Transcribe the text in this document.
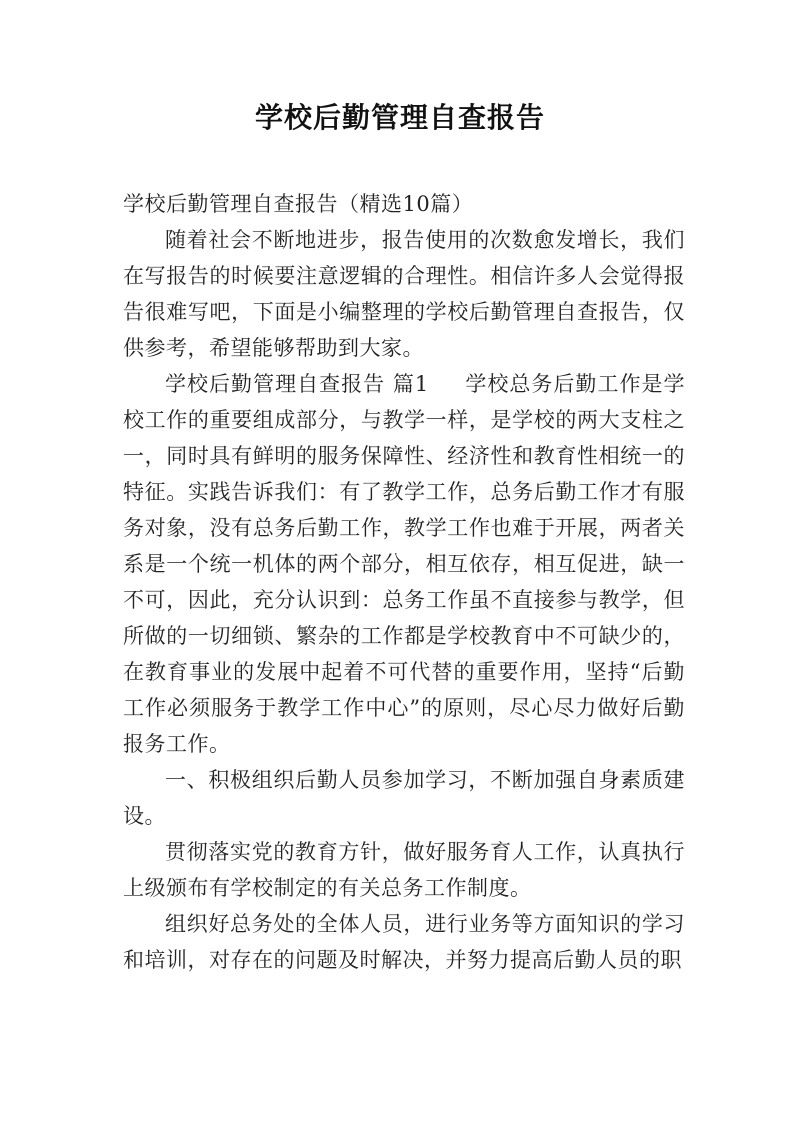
学校后勤管理自查报告

学校后勤管理自查报告（精选10篇）

随着社会不断地进步，报告使用的次数愈发增长，我们在写报告的时候要注意逻辑的合理性。相信许多人会觉得报告很难写吧，下面是小编整理的学校后勤管理自查报告，仅供参考，希望能够帮助到大家。

学校后勤管理自查报告 篇1 学校总务后勤工作是学校工作的重要组成部分，与教学一样，是学校的两大支柱之一，同时具有鲜明的服务保障性、经济性和教育性相统一的特征。实践告诉我们：有了教学工作，总务后勤工作才有服务对象，没有总务后勤工作，教学工作也难于开展，两者关系是一个统一机体的两个部分，相互依存，相互促进，缺一不可，因此，充分认识到：总务工作虽不直接参与教学，但所做的一切细锁、繁杂的工作都是学校教育中不可缺少的，在教育事业的发展中起着不可代替的重要作用，坚持“后勤工作必须服务于教学工作中心”的原则，尽心尽力做好后勤报务工作。

一、积极组织后勤人员参加学习，不断加强自身素质建设。

贯彻落实党的教育方针，做好服务育人工作，认真执行上级颁布有学校制定的有关总务工作制度。

组织好总务处的全体人员，进行业务等方面知识的学习和培训，对存在的问题及时解决，并努力提高后勤人员的职
